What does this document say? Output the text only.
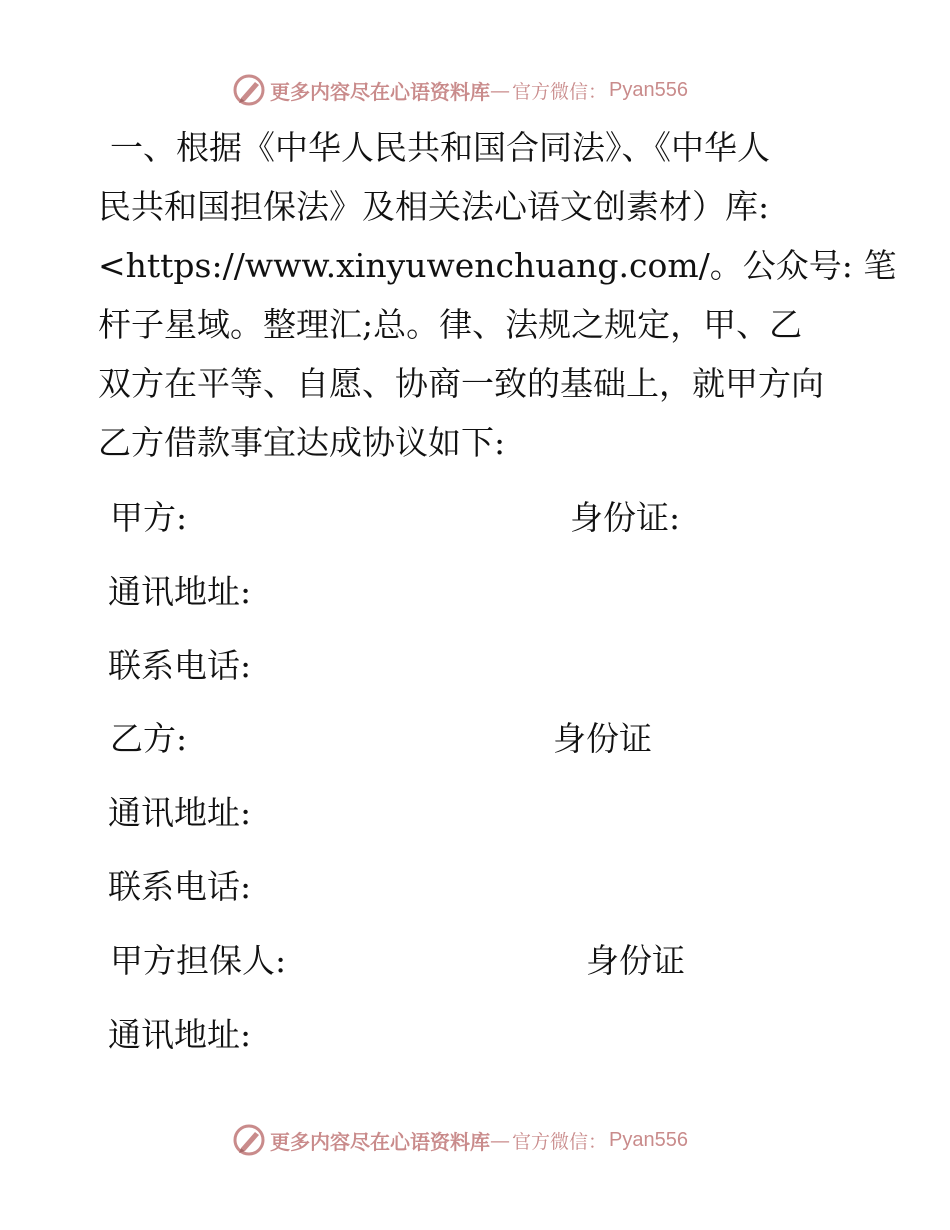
更多内容尽在心语资料库 — 官方微信： Pyan556
一、根据《中华人民共和国合同法》、《中华人
民共和国担保法》及相关法心语文创素材）库:
<https://www.xinyuwenchuang.com/。公众号: 笔
杆子星域。整理汇;总。律、法规之规定，甲、乙
双方在平等、自愿、协商一致的基础上，就甲方向
乙方借款事宜达成协议如下:
甲方:	身份证:
通讯地址:
联系电话:
乙方:	身份证
通讯地址:
联系电话:
甲方担保人:	身份证
通讯地址:
更多内容尽在心语资料库 — 官方微信： Pyan556
